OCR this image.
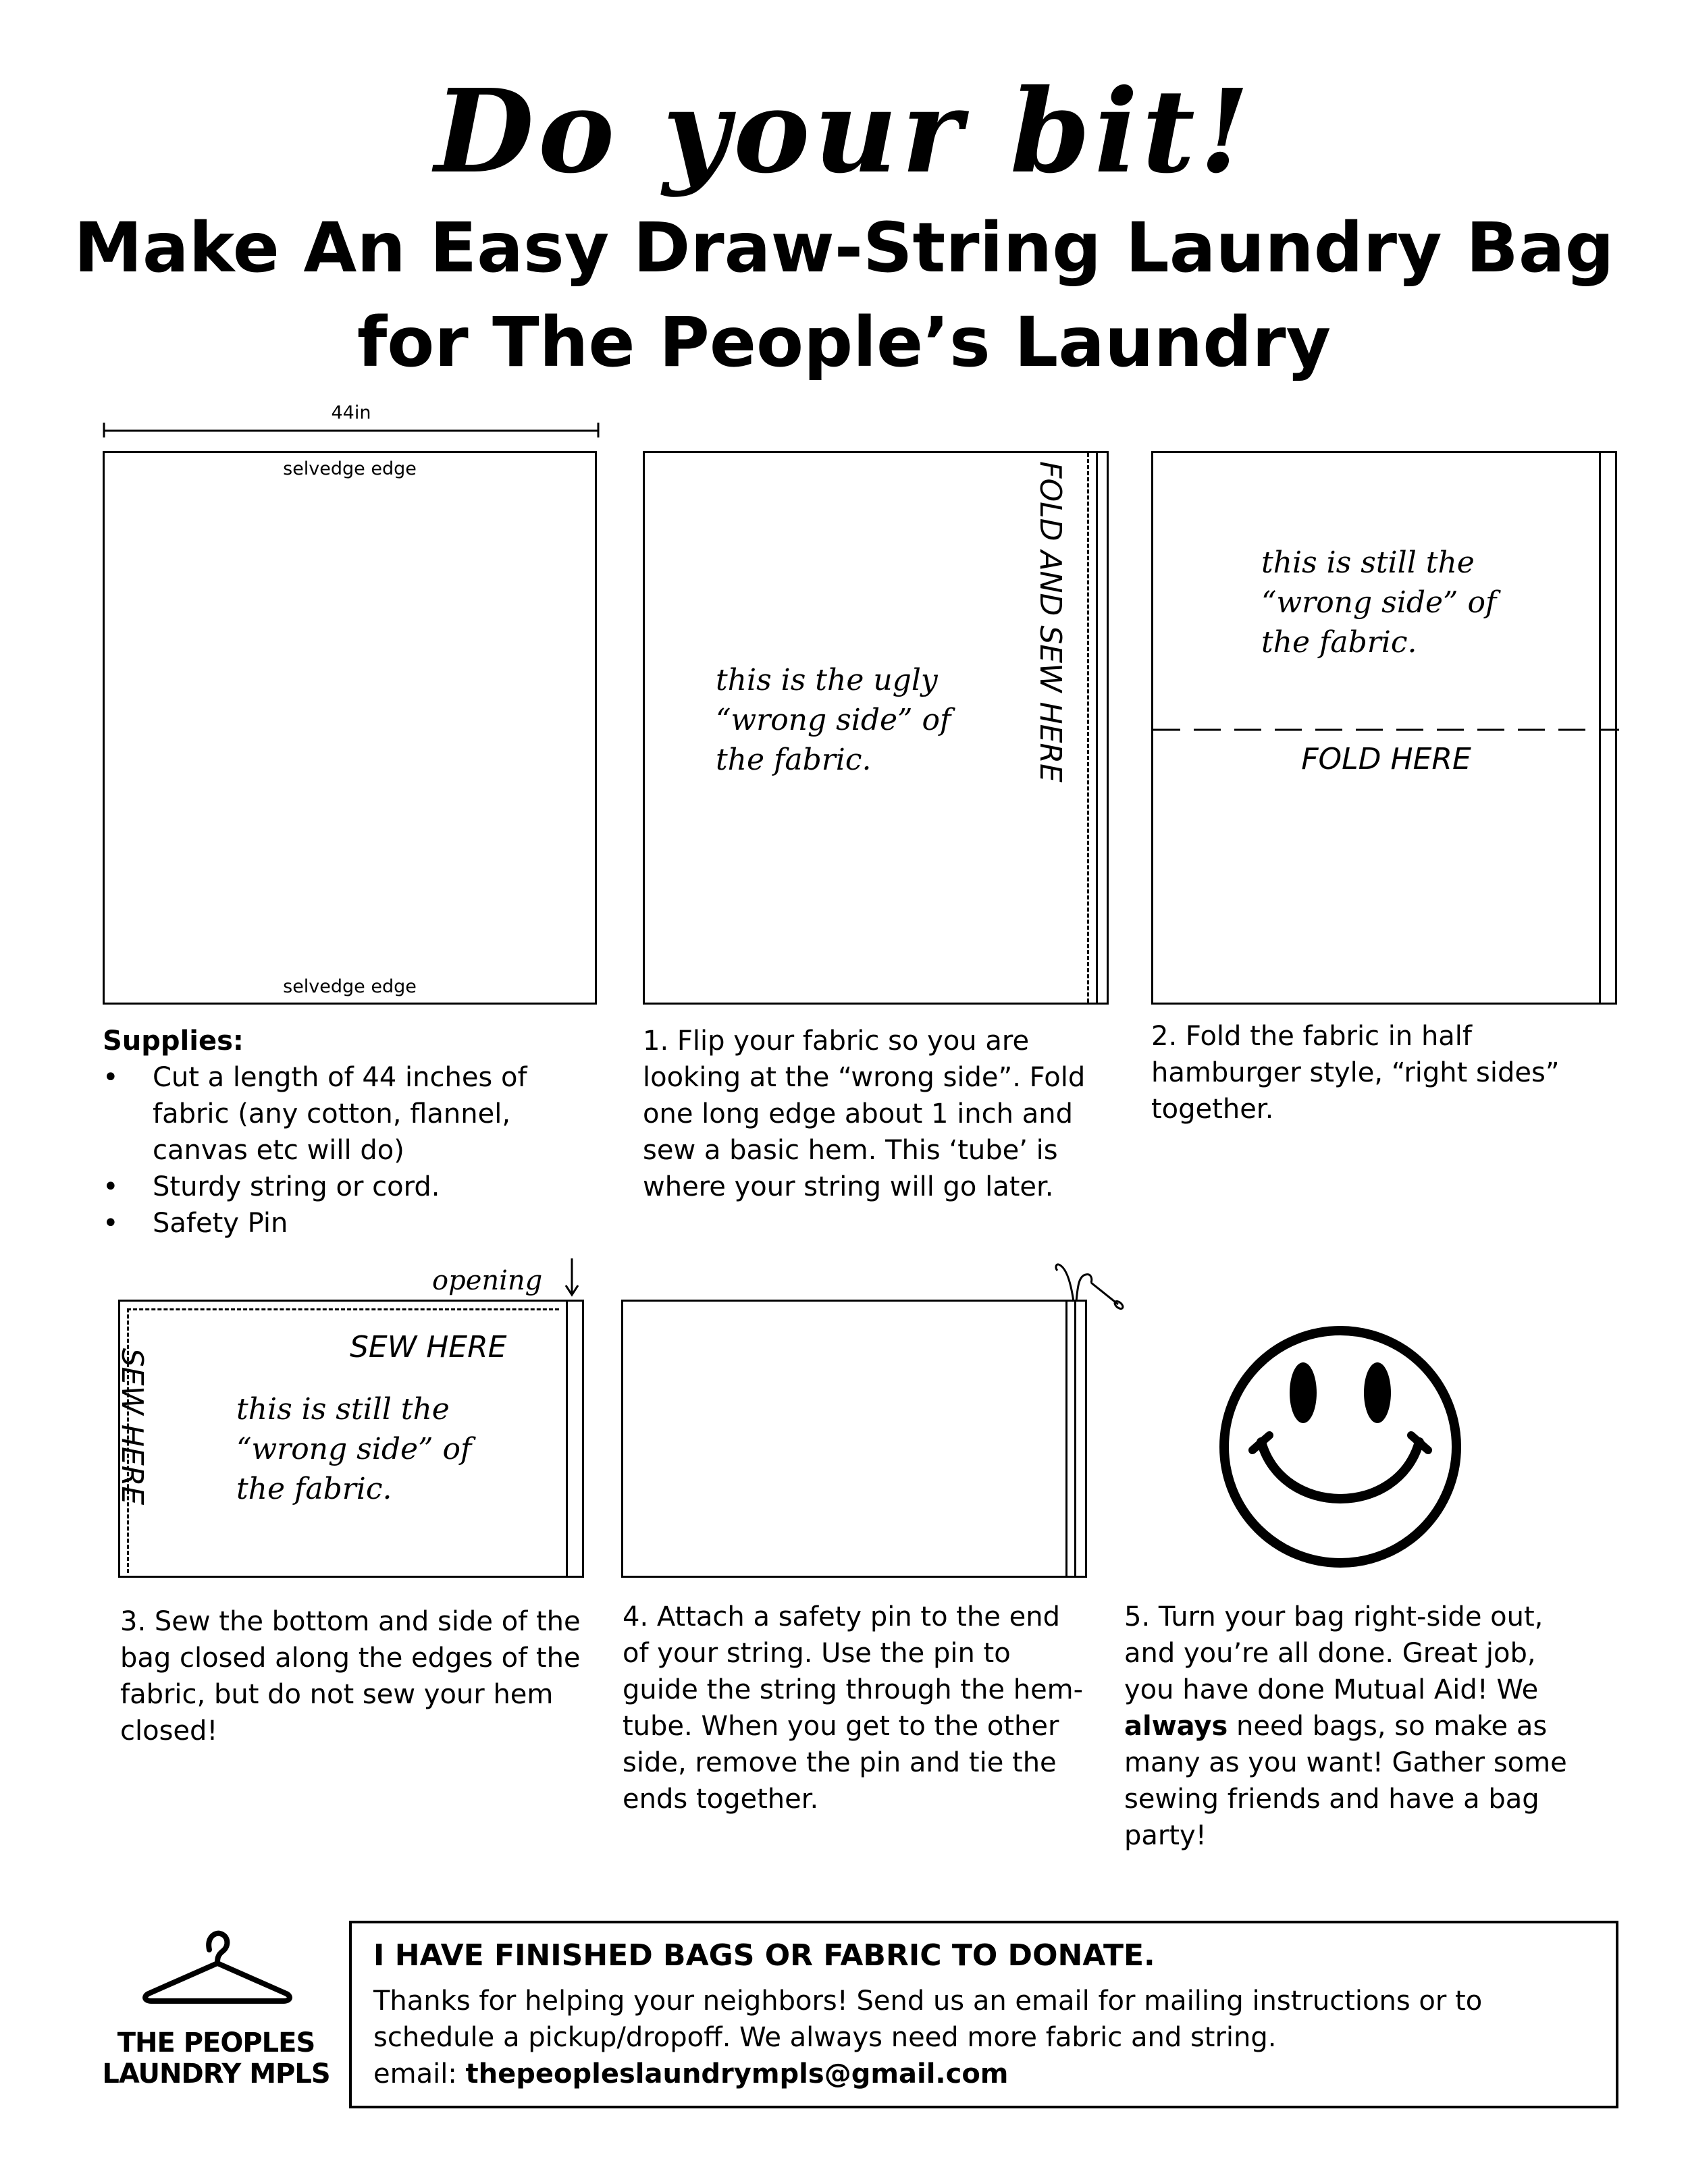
Do your bit!
Make An Easy Draw-String Laundry Bag
for The People’s Laundry
44in
selvedge edge
selvedge edge
this is the ugly
“wrong side” of
the fabric.	FOLD AND SEW HERE	this is still the
“wrong side” of
the fabric.
FOLD HERE

Supplies:

• Cut a length of 44 inches of fabric (any cotton, flannel, canvas etc will do)
• Sturdy string or cord.
• Safety Pin
1. Flip your fabric so you are looking at the “wrong side”. Fold one long edge about 1 inch and sew a basic hem. This ‘tube’ is where your string will go later.
2. Fold the fabric in half hamburger style, “right sides” together.
opening
SEW HERE
SEW HERE	this is still the
“wrong side” of
the fabric.
3. Sew the bottom and side of the bag closed along the edges of the fabric, but do not sew your hem closed!
4. Attach a safety pin to the end of your string. Use the pin to guide the string through the hem-tube. When you get to the other side, remove the pin and tie the ends together.
5. Turn your bag right-side out, and you’re all done. Great job, you have done Mutual Aid! We always need bags, so make as many as you want! Gather some sewing friends and have a bag party!
THE PEOPLES
LAUNDRY MPLS
I HAVE FINISHED BAGS OR FABRIC TO DONATE.
Thanks for helping your neighbors! Send us an email for mailing instructions or to schedule a pickup/dropoff. We always need more fabric and string.
email: thepeopleslaundrympls@gmail.com
